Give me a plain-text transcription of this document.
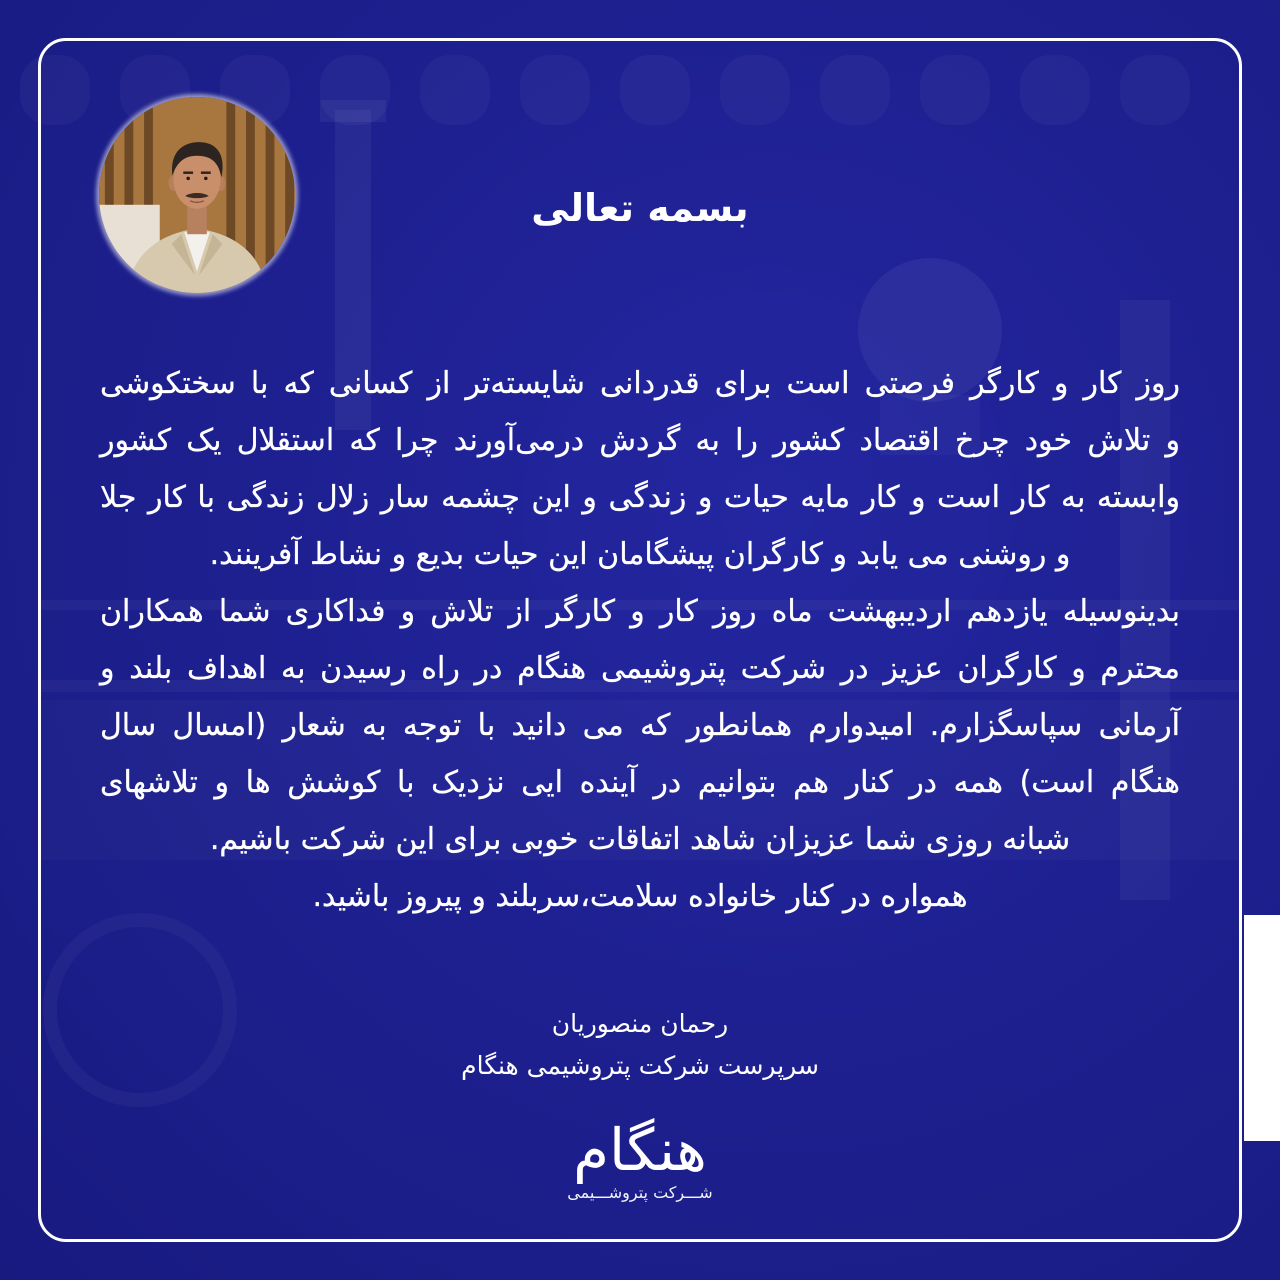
بسمه تعالی
روز کار و کارگر فرصتی است برای قدردانی شایسته‌تر از کسانی که با سختکوشی
و تلاش خود چرخ اقتصاد کشور را به گردش درمی‌آورند چرا که استقلال یک کشور
وابسته به کار است و کار مایه حیات و زندگی و این چشمه سار زلال زندگی با کار جلا
و روشنی می یابد و کارگران پیشگامان این حیات بدیع و نشاط آفرینند.
بدینوسیله یازدهم اردیبهشت ماه روز کار و کارگر از تلاش و فداکاری شما همکاران
محترم و کارگران عزیز در شرکت پتروشیمی هنگام در راه رسیدن به اهداف بلند و
آرمانی سپاسگزارم. امیدوارم همانطور که می دانید با توجه به شعار (امسال سال
هنگام است) همه در کنار هم بتوانیم در آینده ایی نزدیک با کوشش ها و تلاشهای
شبانه روزی شما عزیزان شاهد اتفاقات خوبی برای این شرکت باشیم.
همواره در کنار خانواده سلامت،سربلند و پیروز باشید.
رحمان منصوریان
سرپرست شرکت پتروشیمی هنگام
هنگام
شـــرکت پتروشـــیمی
